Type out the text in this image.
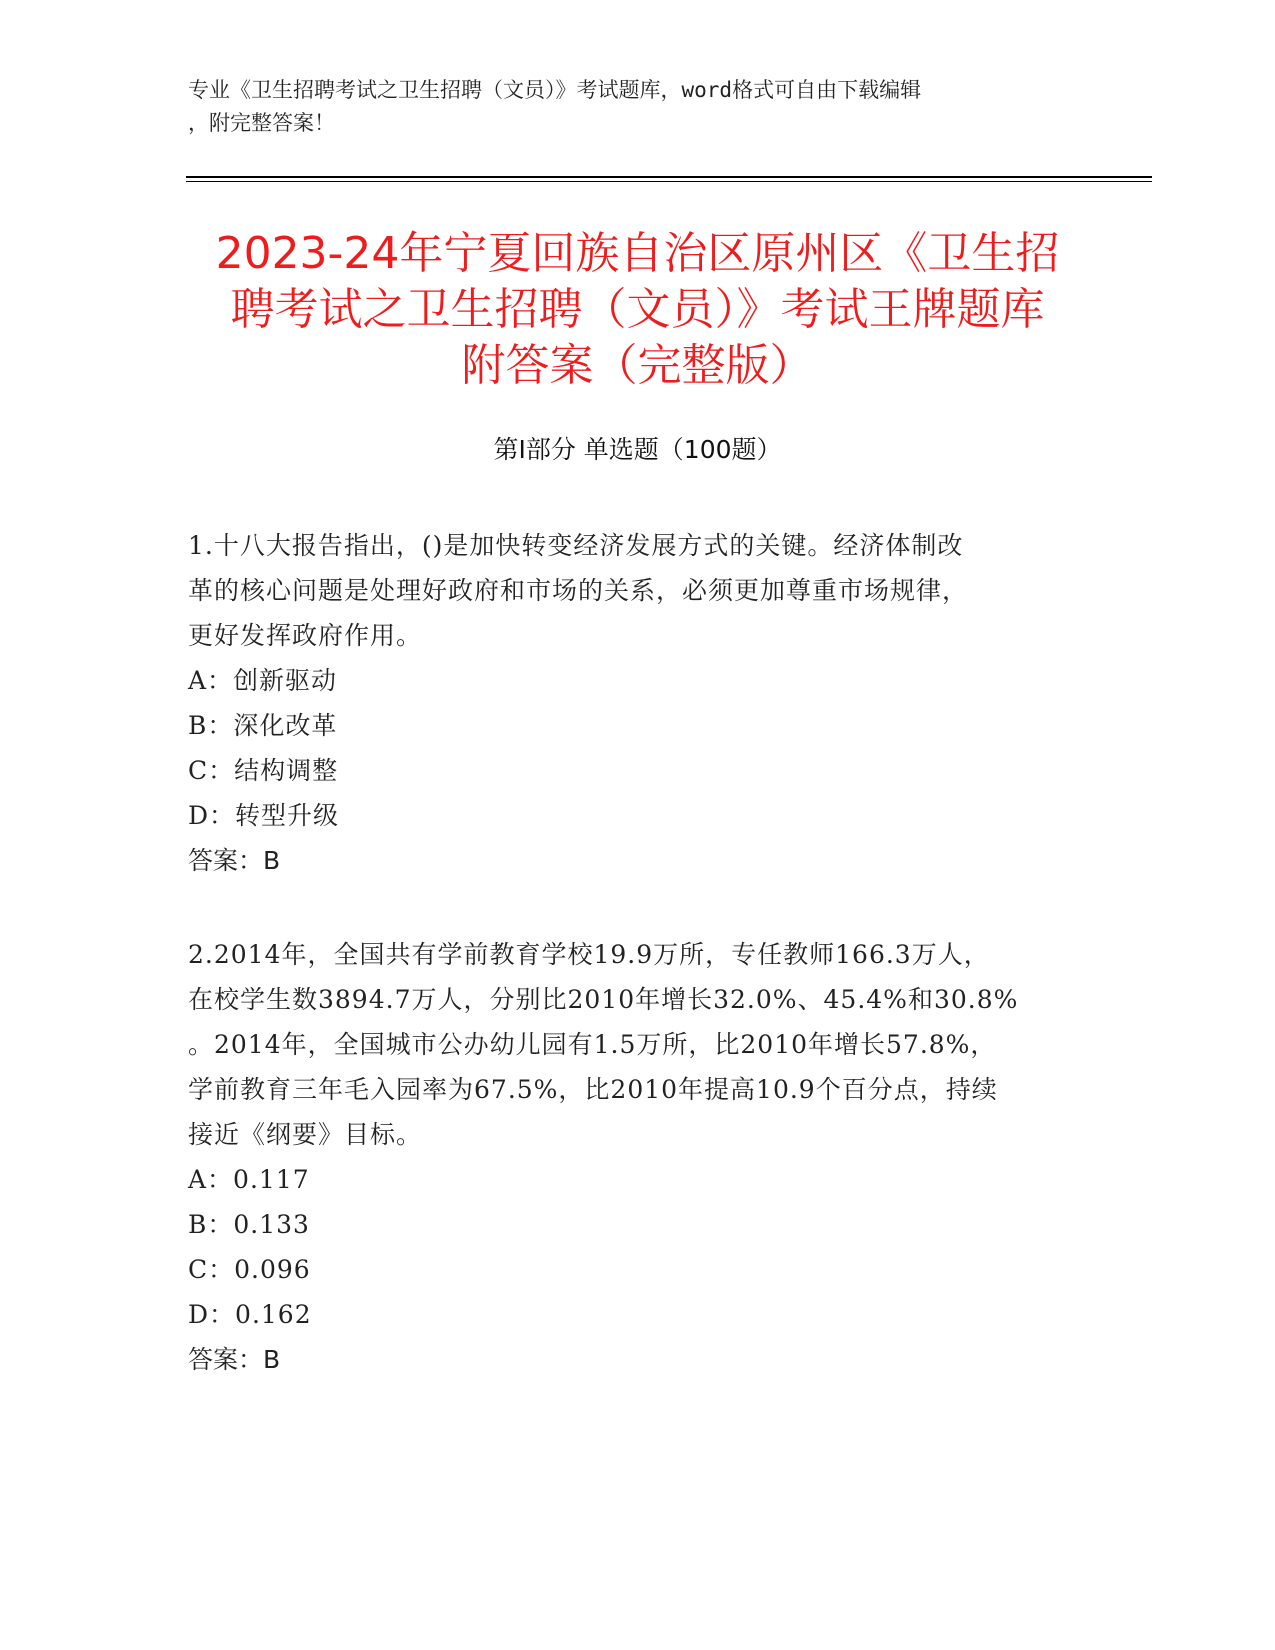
专业《卫生招聘考试之卫生招聘（文员）》考试题库，word格式可自由下载编辑
，附完整答案！
2023-24年宁夏回族自治区原州区《卫生招
聘考试之卫生招聘（文员）》考试王牌题库
附答案（完整版）
第Ⅰ部分 单选题（100题）
1.十八大报告指出，()是加快转变经济发展方式的关键。经济体制改
革的核心问题是处理好政府和市场的关系，必须更加尊重市场规律，
更好发挥政府作用。
A：创新驱动
B：深化改革
C：结构调整
D：转型升级
答案：B
2.2014年，全国共有学前教育学校19.9万所，专任教师166.3万人，
在校学生数3894.7万人，分别比2010年增长32.0%、45.4%和30.8%
。2014年，全国城市公办幼儿园有1.5万所，比2010年增长57.8%，
学前教育三年毛入园率为67.5%，比2010年提高10.9个百分点，持续
接近《纲要》目标。
A：0.117
B：0.133
C：0.096
D：0.162
答案：B
